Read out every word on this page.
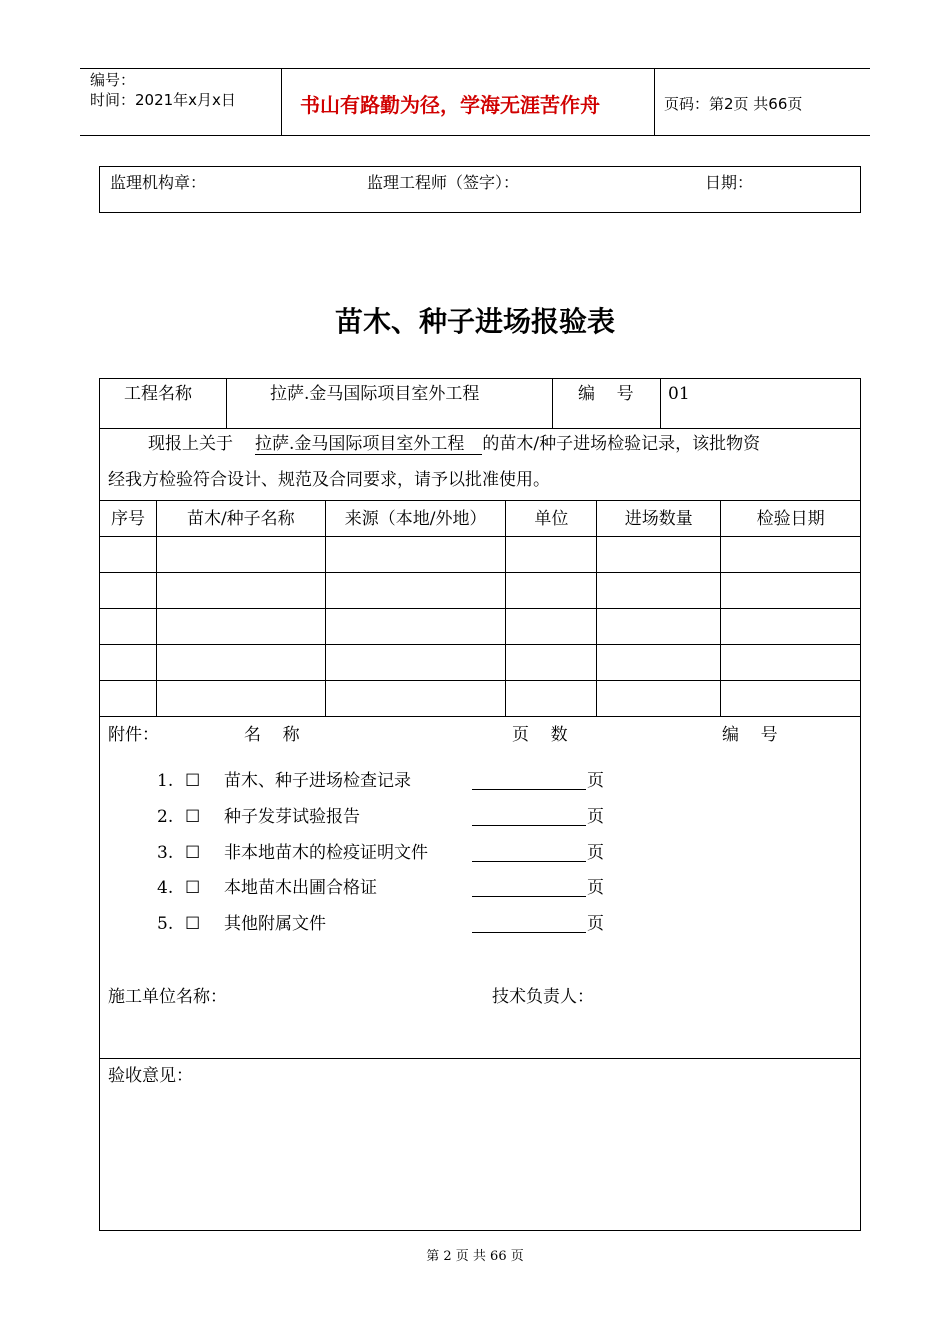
编号：
时间：2021年x月x日	书山有路勤为径，学海无涯苦作舟	页码：第2页 共66页
监理机构章：	监理工程师（签字）：	日期：
苗木、种子进场报验表
工程名称	拉萨.金马国际项目室外工程	编    号 01
现报上关于 拉萨.金马国际项目室外工程 的苗木/种子进场检验记录，该批物资
经我方检验符合设计、规范及合同要求，请予以批准使用。
序号	苗木/种子名称	来源（本地/外地）	单位	进场数量	检验日期

附件：	名    称	页    数	编    号
1. ☐ 苗木、种子进场检查记录	页
2. ☐ 种子发芽试验报告	页
3. ☐ 非本地苗木的检疫证明文件	页
4. ☐ 本地苗木出圃合格证	页
5. ☐ 其他附属文件	页
施工单位名称：	技术负责人：
验收意见：
第 2 页 共 66 页
